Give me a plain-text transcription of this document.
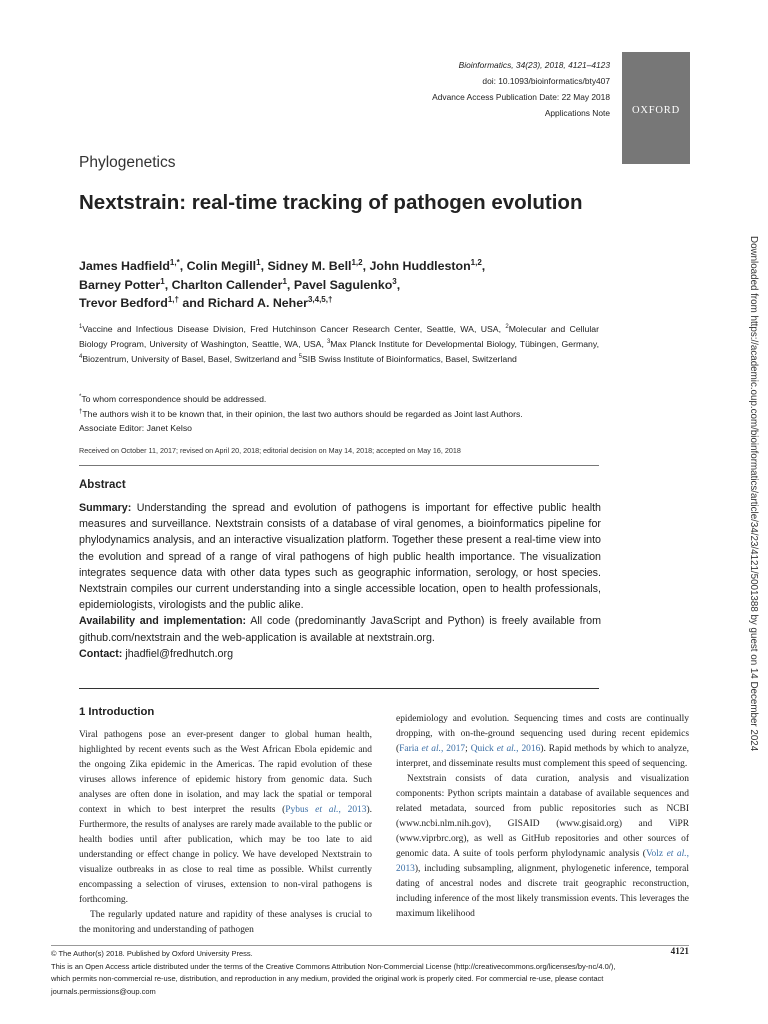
Bioinformatics, 34(23), 2018, 4121–4123
doi: 10.1093/bioinformatics/bty407
Advance Access Publication Date: 22 May 2018
Applications Note OXFORD
Phylogenetics
Nextstrain: real-time tracking of pathogen evolution
James Hadfield$^{1,*}$, Colin Megill$^1$, Sidney M. Bell$^{1,2}$, John Huddleston$^{1,2}$,
Barney Potter$^1$, Charlton Callender$^1$, Pavel Sagulenko$^3$,
Trevor Bedford$^{1,\dagger}$ and Richard A. Neher$^{3,4,5,\dagger}$
$^1$Vaccine and Infectious Disease Division, Fred Hutchinson Cancer Research Center, Seattle, WA, USA, $^2$Molecular and Cellular Biology Program, University of Washington, Seattle, WA, USA, $^3$Max Planck Institute for Developmental Biology, Tübingen, Germany, $^4$Biozentrum, University of Basel, Basel, Switzerland and $^5$SIB Swiss Institute of Bioinformatics, Basel, Switzerland
*To whom correspondence should be addressed.
†The authors wish it to be known that, in their opinion, the last two authors should be regarded as Joint last Authors.
Associate Editor: Janet Kelso
Received on October 11, 2017; revised on April 20, 2018; editorial decision on May 14, 2018; accepted on May 16, 2018
Abstract

Summary: Understanding the spread and evolution of pathogens is important for effective public health measures and surveillance. Nextstrain consists of a database of viral genomes, a bioinformatics pipeline for phylodynamics analysis, and an interactive visualization platform. Together these present a real-time view into the evolution and spread of a range of viral pathogens of high public health importance. The visualization integrates sequence data with other data types such as geographic information, serology, or host species. Nextstrain compiles our current understanding into a single accessible location, open to health professionals, epidemiologists, virologists and the public alike.

Availability and implementation: All code (predominantly JavaScript and Python) is freely available from github.com/nextstrain and the web-application is available at nextstrain.org.

Contact: jhadfiel@fredhutch.org

1 Introduction

Viral pathogens pose an ever-present danger to global human health, highlighted by recent events such as the West African Ebola epidemic and the ongoing Zika epidemic in the Americas. The rapid evolution of these viruses allows inference of epidemic history from genomic data. Such analyses are often done in isolation, and may lack the spatial or temporal context in which to best interpret the results (Pybus et al., 2013). Furthermore, the results of analyses are rarely made available to the public or health bodies until after publication, which may be too late to aid understanding or effect change in policy. We have developed Nextstrain to visualize outbreaks in as close to real time as possible. Whilst currently encompassing a selection of viruses, extension to non-viral pathogens is forthcoming.

The regularly updated nature and rapidity of these analyses is crucial to the monitoring and understanding of pathogen

epidemiology and evolution. Sequencing times and costs are continually dropping, with on-the-ground sequencing used during recent epidemics (Faria et al., 2017; Quick et al., 2016). Rapid methods by which to analyze, interpret, and disseminate results must complement this speed of sequencing.

Nextstrain consists of data curation, analysis and visualization components: Python scripts maintain a database of available sequences and related metadata, sourced from public repositories such as NCBI (www.ncbi.nlm.nih.gov), GISAID (www.gisaid.org) and ViPR (www.viprbrc.org), as well as GitHub repositories and other sources of genomic data. A suite of tools perform phylodynamic analysis (Volz et al., 2013), including subsampling, alignment, phylogenetic inference, temporal dating of ancestral nodes and discrete trait geographic reconstruction, including inference of the most likely transmission events. This leverages the maximum likelihood

© The Author(s) 2018. Published by Oxford University Press.
This is an Open Access article distributed under the terms of the Creative Commons Attribution Non-Commercial License (http://creativecommons.org/licenses/by-nc/4.0/),
which permits non-commercial re-use, distribution, and reproduction in any medium, provided the original work is properly cited. For commercial re-use, please contact
journals.permissions@oup.com
4121
Downloaded from https://academic.oup.com/bioinformatics/article/34/23/4121/5001388 by guest on 14 December 2024
